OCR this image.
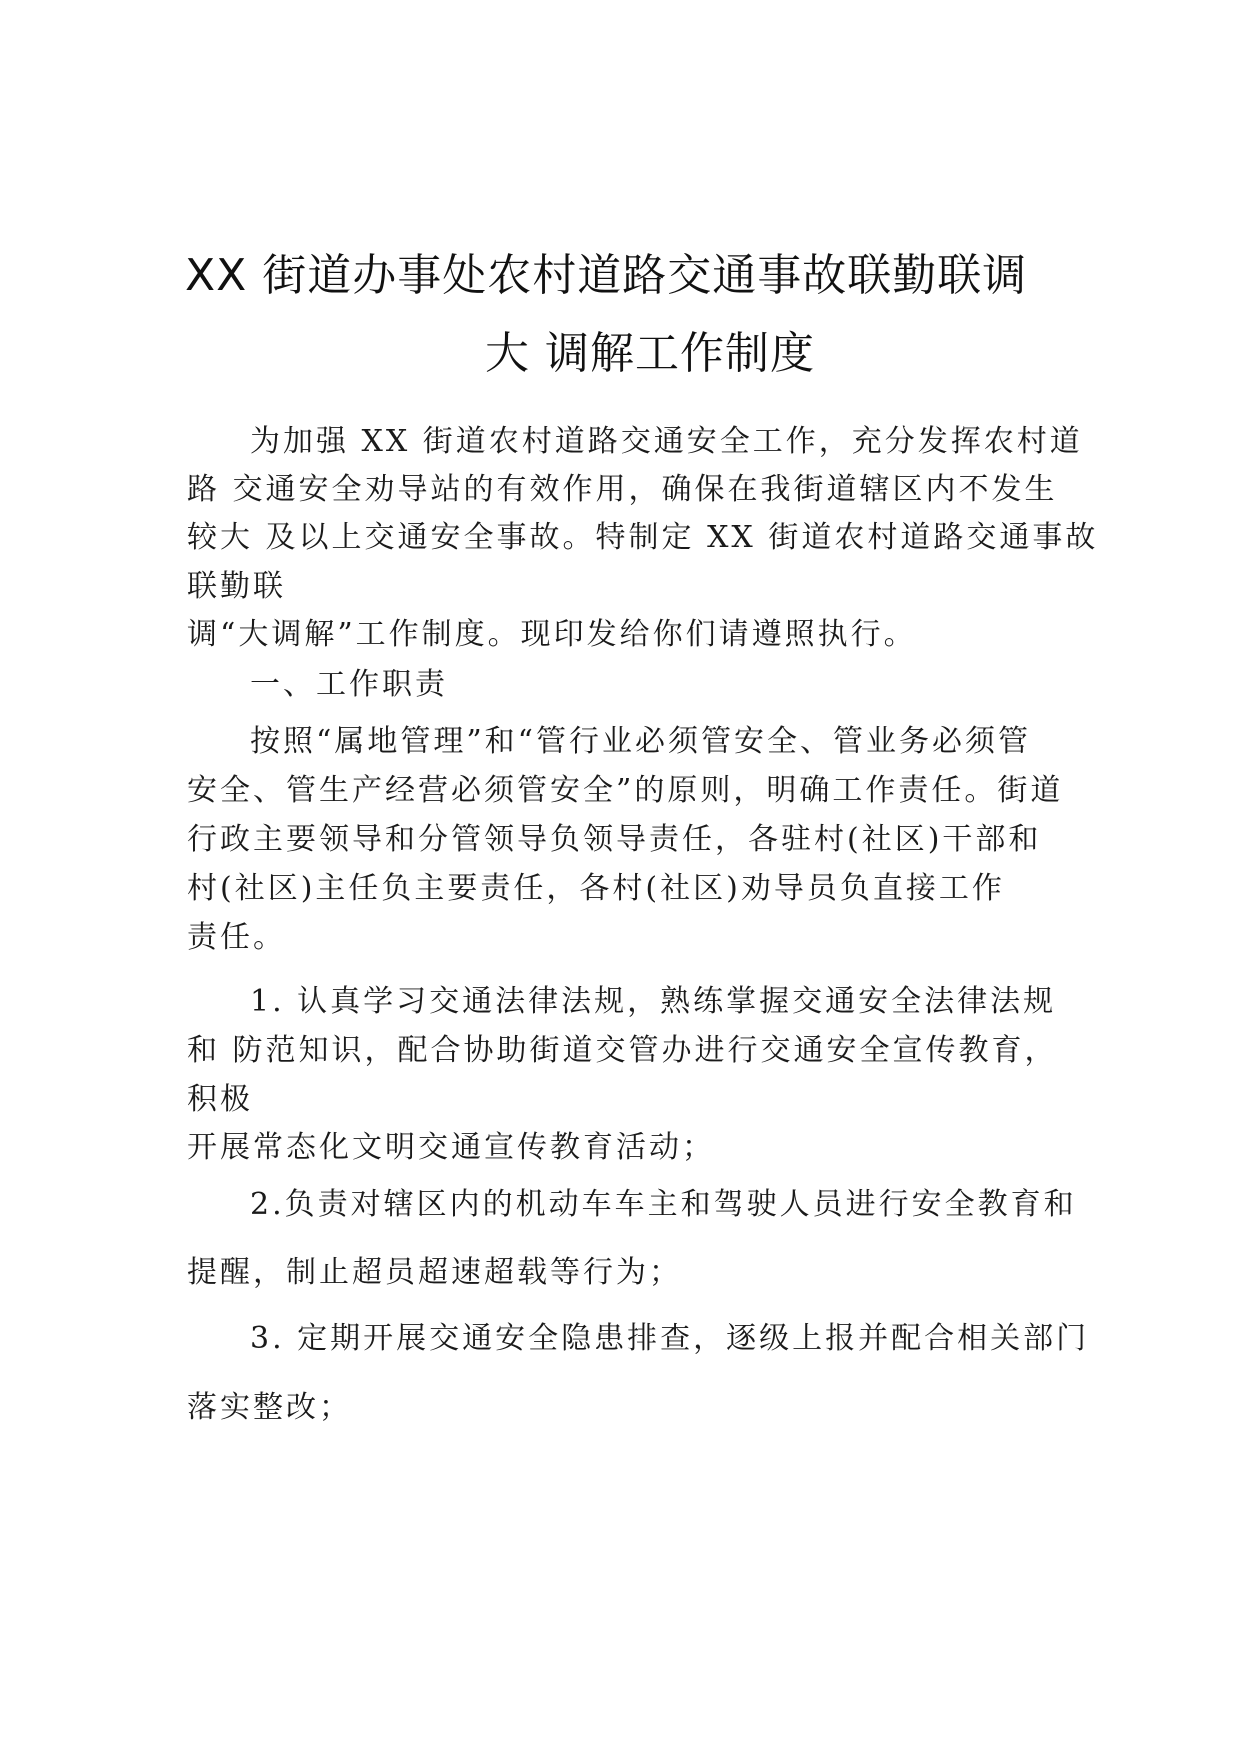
XX 街道办事处农村道路交通事故联勤联调
大 调解工作制度
为加强 XX 街道农村道路交通安全工作，充分发挥农村道
路 交通安全劝导站的有效作用，确保在我街道辖区内不发生
较大 及以上交通安全事故。特制定 XX 街道农村道路交通事故
联勤联
调“大调解”工作制度。现印发给你们请遵照执行。
一、工作职责
按照“属地管理”和“管行业必须管安全、管业务必须管
安全、管生产经营必须管安全”的原则，明确工作责任。街道
行政主要领导和分管领导负领导责任，各驻村(社区)干部和
村(社区)主任负主要责任，各村(社区)劝导员负直接工作
责任。
1. 认真学习交通法律法规，熟练掌握交通安全法律法规
和 防范知识，配合协助街道交管办进行交通安全宣传教育，
积极
开展常态化文明交通宣传教育活动；
2.负责对辖区内的机动车车主和驾驶人员进行安全教育和
提醒，制止超员超速超载等行为；
3. 定期开展交通安全隐患排查，逐级上报并配合相关部门
落实整改；
